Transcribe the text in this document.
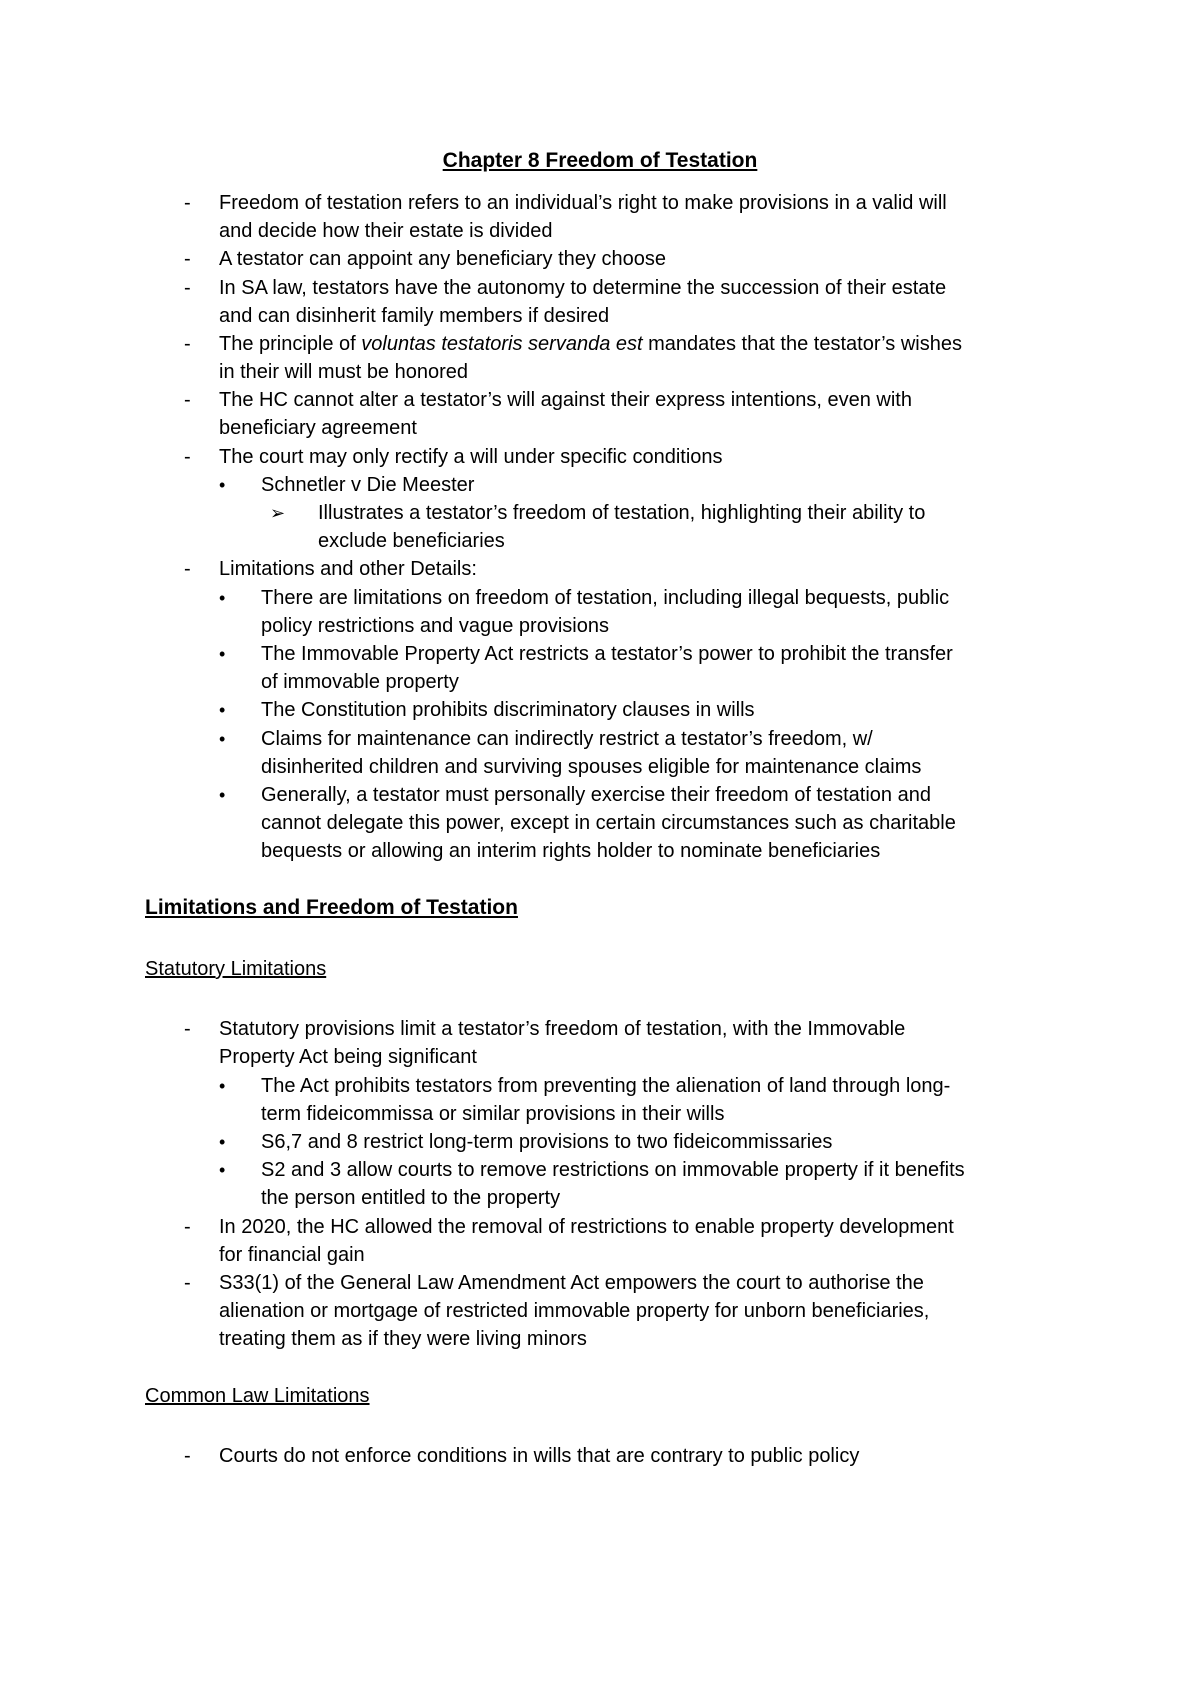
Chapter 8 Freedom of Testation
- Freedom of testation refers to an individual’s right to make provisions in a valid will
and decide how their estate is divided
- A testator can appoint any beneficiary they choose
- In SA law, testators have the autonomy to determine the succession of their estate
and can disinherit family members if desired
- The principle of voluntas testatoris servanda est mandates that the testator’s wishes
in their will must be honored
- The HC cannot alter a testator’s will against their express intentions, even with
beneficiary agreement
- The court may only rectify a will under specific conditions
• Schnetler v Die Meester
➢ Illustrates a testator’s freedom of testation, highlighting their ability to
exclude beneficiaries
- Limitations and other Details:
• There are limitations on freedom of testation, including illegal bequests, public
policy restrictions and vague provisions
• The Immovable Property Act restricts a testator’s power to prohibit the transfer
of immovable property
• The Constitution prohibits discriminatory clauses in wills
• Claims for maintenance can indirectly restrict a testator’s freedom, w/
disinherited children and surviving spouses eligible for maintenance claims
• Generally, a testator must personally exercise their freedom of testation and
cannot delegate this power, except in certain circumstances such as charitable
bequests or allowing an interim rights holder to nominate beneficiaries
Limitations and Freedom of Testation
Statutory Limitations
- Statutory provisions limit a testator’s freedom of testation, with the Immovable
Property Act being significant
• The Act prohibits testators from preventing the alienation of land through long-
term fideicommissa or similar provisions in their wills
• S6,7 and 8 restrict long-term provisions to two fideicommissaries
• S2 and 3 allow courts to remove restrictions on immovable property if it benefits
the person entitled to the property
- In 2020, the HC allowed the removal of restrictions to enable property development
for financial gain
- S33(1) of the General Law Amendment Act empowers the court to authorise the
alienation or mortgage of restricted immovable property for unborn beneficiaries,
treating them as if they were living minors
Common Law Limitations
- Courts do not enforce conditions in wills that are contrary to public policy
